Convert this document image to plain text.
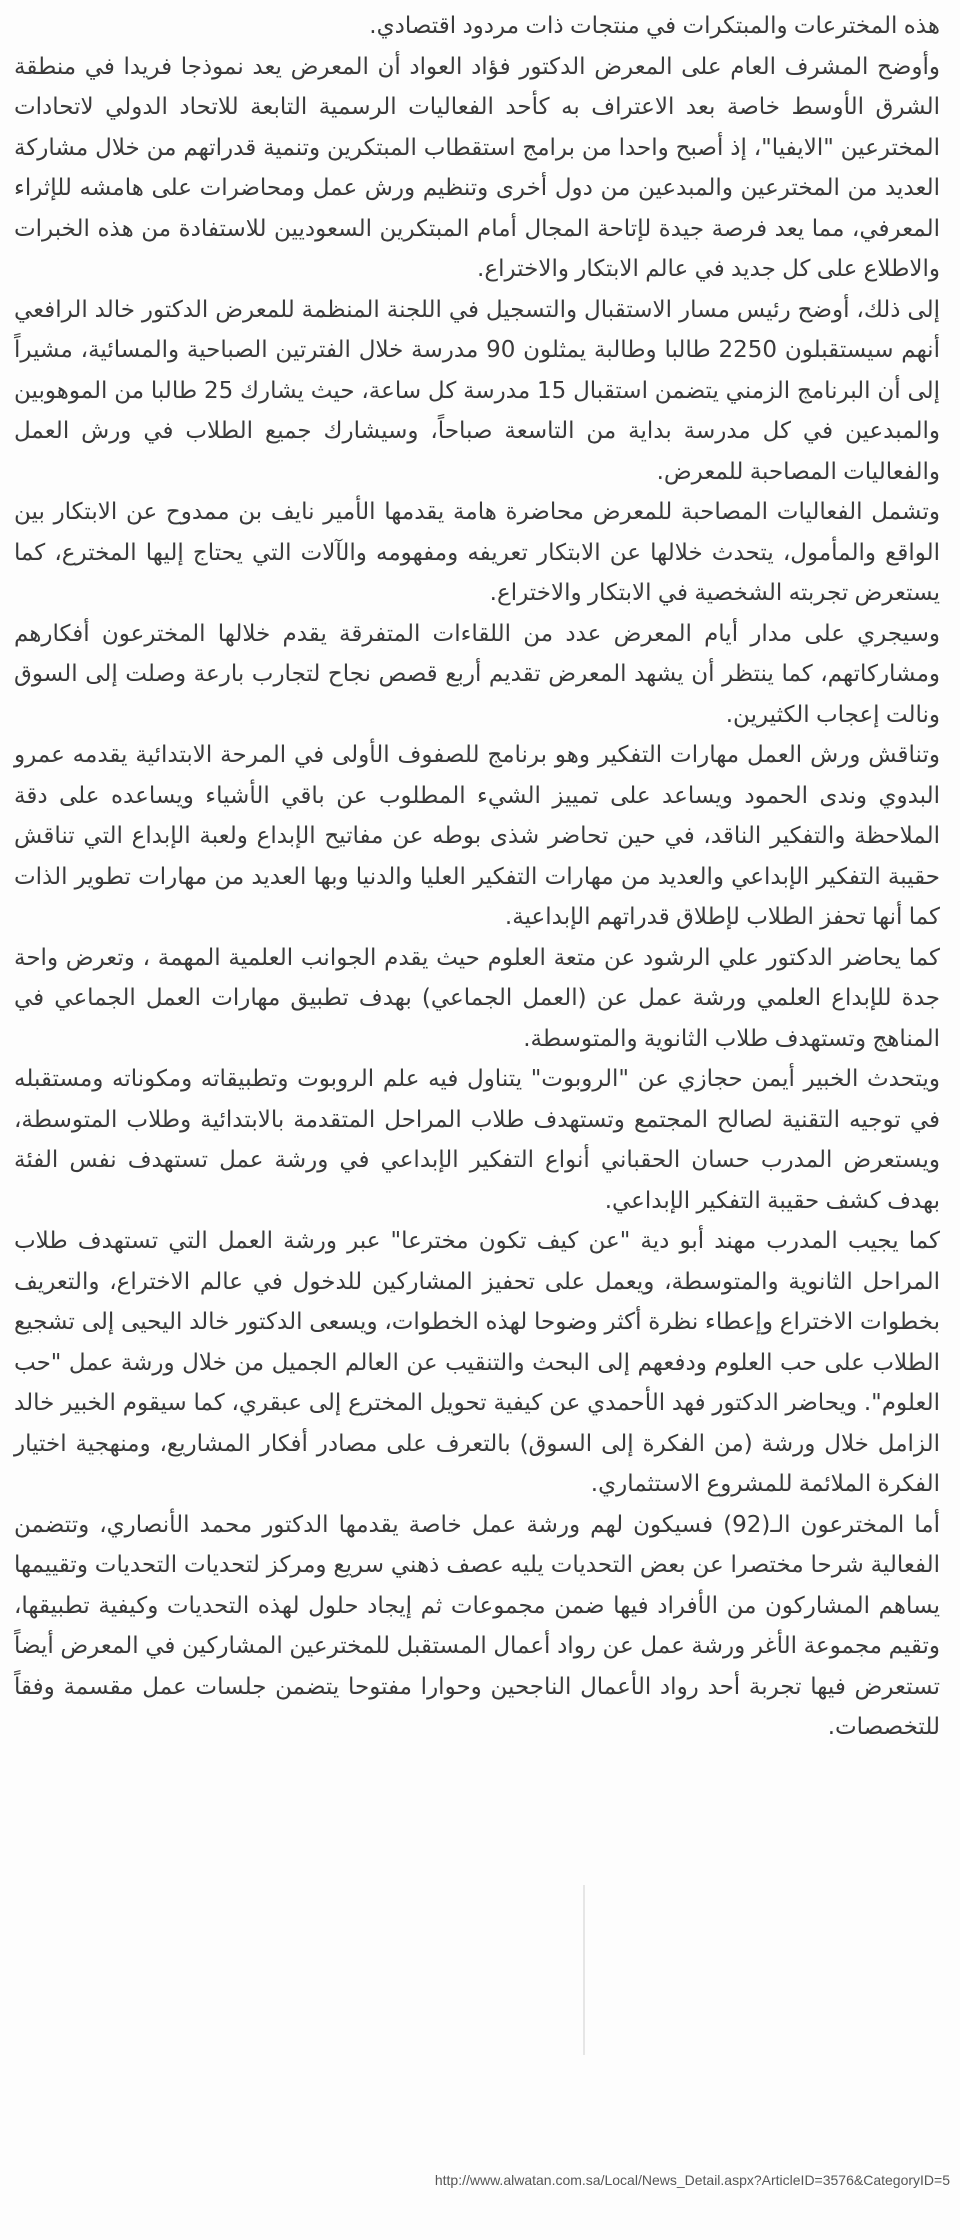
هذه المخترعات والمبتكرات في منتجات ذات مردود اقتصادي.

وأوضح المشرف العام على المعرض الدكتور فؤاد العواد أن المعرض يعد نموذجا فريدا في منطقة الشرق الأوسط خاصة بعد الاعتراف به كأحد الفعاليات الرسمية التابعة للاتحاد الدولي لاتحادات المخترعين "الايفيا"، إذ أصبح واحدا من برامج استقطاب المبتكرين وتنمية قدراتهم من خلال مشاركة العديد من المخترعين والمبدعين من دول أخرى وتنظيم ورش عمل ومحاضرات على هامشه للإثراء المعرفي، مما يعد فرصة جيدة لإتاحة المجال أمام المبتكرين السعوديين للاستفادة من هذه الخبرات والاطلاع على كل جديد في عالم الابتكار والاختراع.

إلى ذلك، أوضح رئيس مسار الاستقبال والتسجيل في اللجنة المنظمة للمعرض الدكتور خالد الرافعي أنهم سيستقبلون 2250 طالبا وطالبة يمثلون 90 مدرسة خلال الفترتين الصباحية والمسائية، مشيراً إلى أن البرنامج الزمني يتضمن استقبال 15 مدرسة كل ساعة، حيث يشارك 25 طالبا من الموهوبين والمبدعين في كل مدرسة بداية من التاسعة صباحاً، وسيشارك جميع الطلاب في ورش العمل والفعاليات المصاحبة للمعرض.

وتشمل الفعاليات المصاحبة للمعرض محاضرة هامة يقدمها الأمير نايف بن ممدوح عن الابتكار بين الواقع والمأمول، يتحدث خلالها عن الابتكار تعريفه ومفهومه والآلات التي يحتاج إليها المخترع، كما يستعرض تجربته الشخصية في الابتكار والاختراع.

وسيجري على مدار أيام المعرض عدد من اللقاءات المتفرقة يقدم خلالها المخترعون أفكارهم ومشاركاتهم، كما ينتظر أن يشهد المعرض تقديم أربع قصص نجاح لتجارب بارعة وصلت إلى السوق ونالت إعجاب الكثيرين.

وتناقش ورش العمل مهارات التفكير وهو برنامج للصفوف الأولى في المرحة الابتدائية يقدمه عمرو البدوي وندى الحمود ويساعد على تمييز الشيء المطلوب عن باقي الأشياء ويساعده على دقة الملاحظة والتفكير الناقد، في حين تحاضر شذى بوطه عن مفاتيح الإبداع ولعبة الإبداع التي تناقش حقيبة التفكير الإبداعي والعديد من مهارات التفكير العليا والدنيا وبها العديد من مهارات تطوير الذات كما أنها تحفز الطلاب لإطلاق قدراتهم الإبداعية.

كما يحاضر الدكتور علي الرشود عن متعة العلوم حيث يقدم الجوانب العلمية المهمة ، وتعرض واحة جدة للإبداع العلمي ورشة عمل عن (العمل الجماعي) بهدف تطبيق مهارات العمل الجماعي في المناهج وتستهدف طلاب الثانوية والمتوسطة.

ويتحدث الخبير أيمن حجازي عن "الروبوت" يتناول فيه علم الروبوت وتطبيقاته ومكوناته ومستقبله في توجيه التقنية لصالح المجتمع وتستهدف طلاب المراحل المتقدمة بالابتدائية وطلاب المتوسطة، ويستعرض المدرب حسان الحقباني أنواع التفكير الإبداعي في ورشة عمل تستهدف نفس الفئة بهدف كشف حقيبة التفكير الإبداعي.

كما يجيب المدرب مهند أبو دية "عن كيف تكون مخترعا" عبر ورشة العمل التي تستهدف طلاب المراحل الثانوية والمتوسطة، ويعمل على تحفيز المشاركين للدخول في عالم الاختراع، والتعريف بخطوات الاختراع وإعطاء نظرة أكثر وضوحا لهذه الخطوات، ويسعى الدكتور خالد اليحيى إلى تشجيع الطلاب على حب العلوم ودفعهم إلى البحث والتنقيب عن العالم الجميل من خلال ورشة عمل "حب العلوم". ويحاضر الدكتور فهد الأحمدي عن كيفية تحويل المخترع إلى عبقري، كما سيقوم الخبير خالد الزامل خلال ورشة (من الفكرة إلى السوق) بالتعرف على مصادر أفكار المشاريع، ومنهجية اختيار الفكرة الملائمة للمشروع الاستثماري.

أما المخترعون الـ(92) فسيكون لهم ورشة عمل خاصة يقدمها الدكتور محمد الأنصاري، وتتضمن الفعالية شرحا مختصرا عن بعض التحديات يليه عصف ذهني سريع ومركز لتحديات التحديات وتقييمها يساهم المشاركون من الأفراد فيها ضمن مجموعات ثم إيجاد حلول لهذه التحديات وكيفية تطبيقها، وتقيم مجموعة الأغر ورشة عمل عن رواد أعمال المستقبل للمخترعين المشاركين في المعرض أيضاً تستعرض فيها تجربة أحد رواد الأعمال الناجحين وحوارا مفتوحا يتضمن جلسات عمل مقسمة وفقاً للتخصصات.

http://www.alwatan.com.sa/Local/News_Detail.aspx?ArticleID=3576&CategoryID=5
